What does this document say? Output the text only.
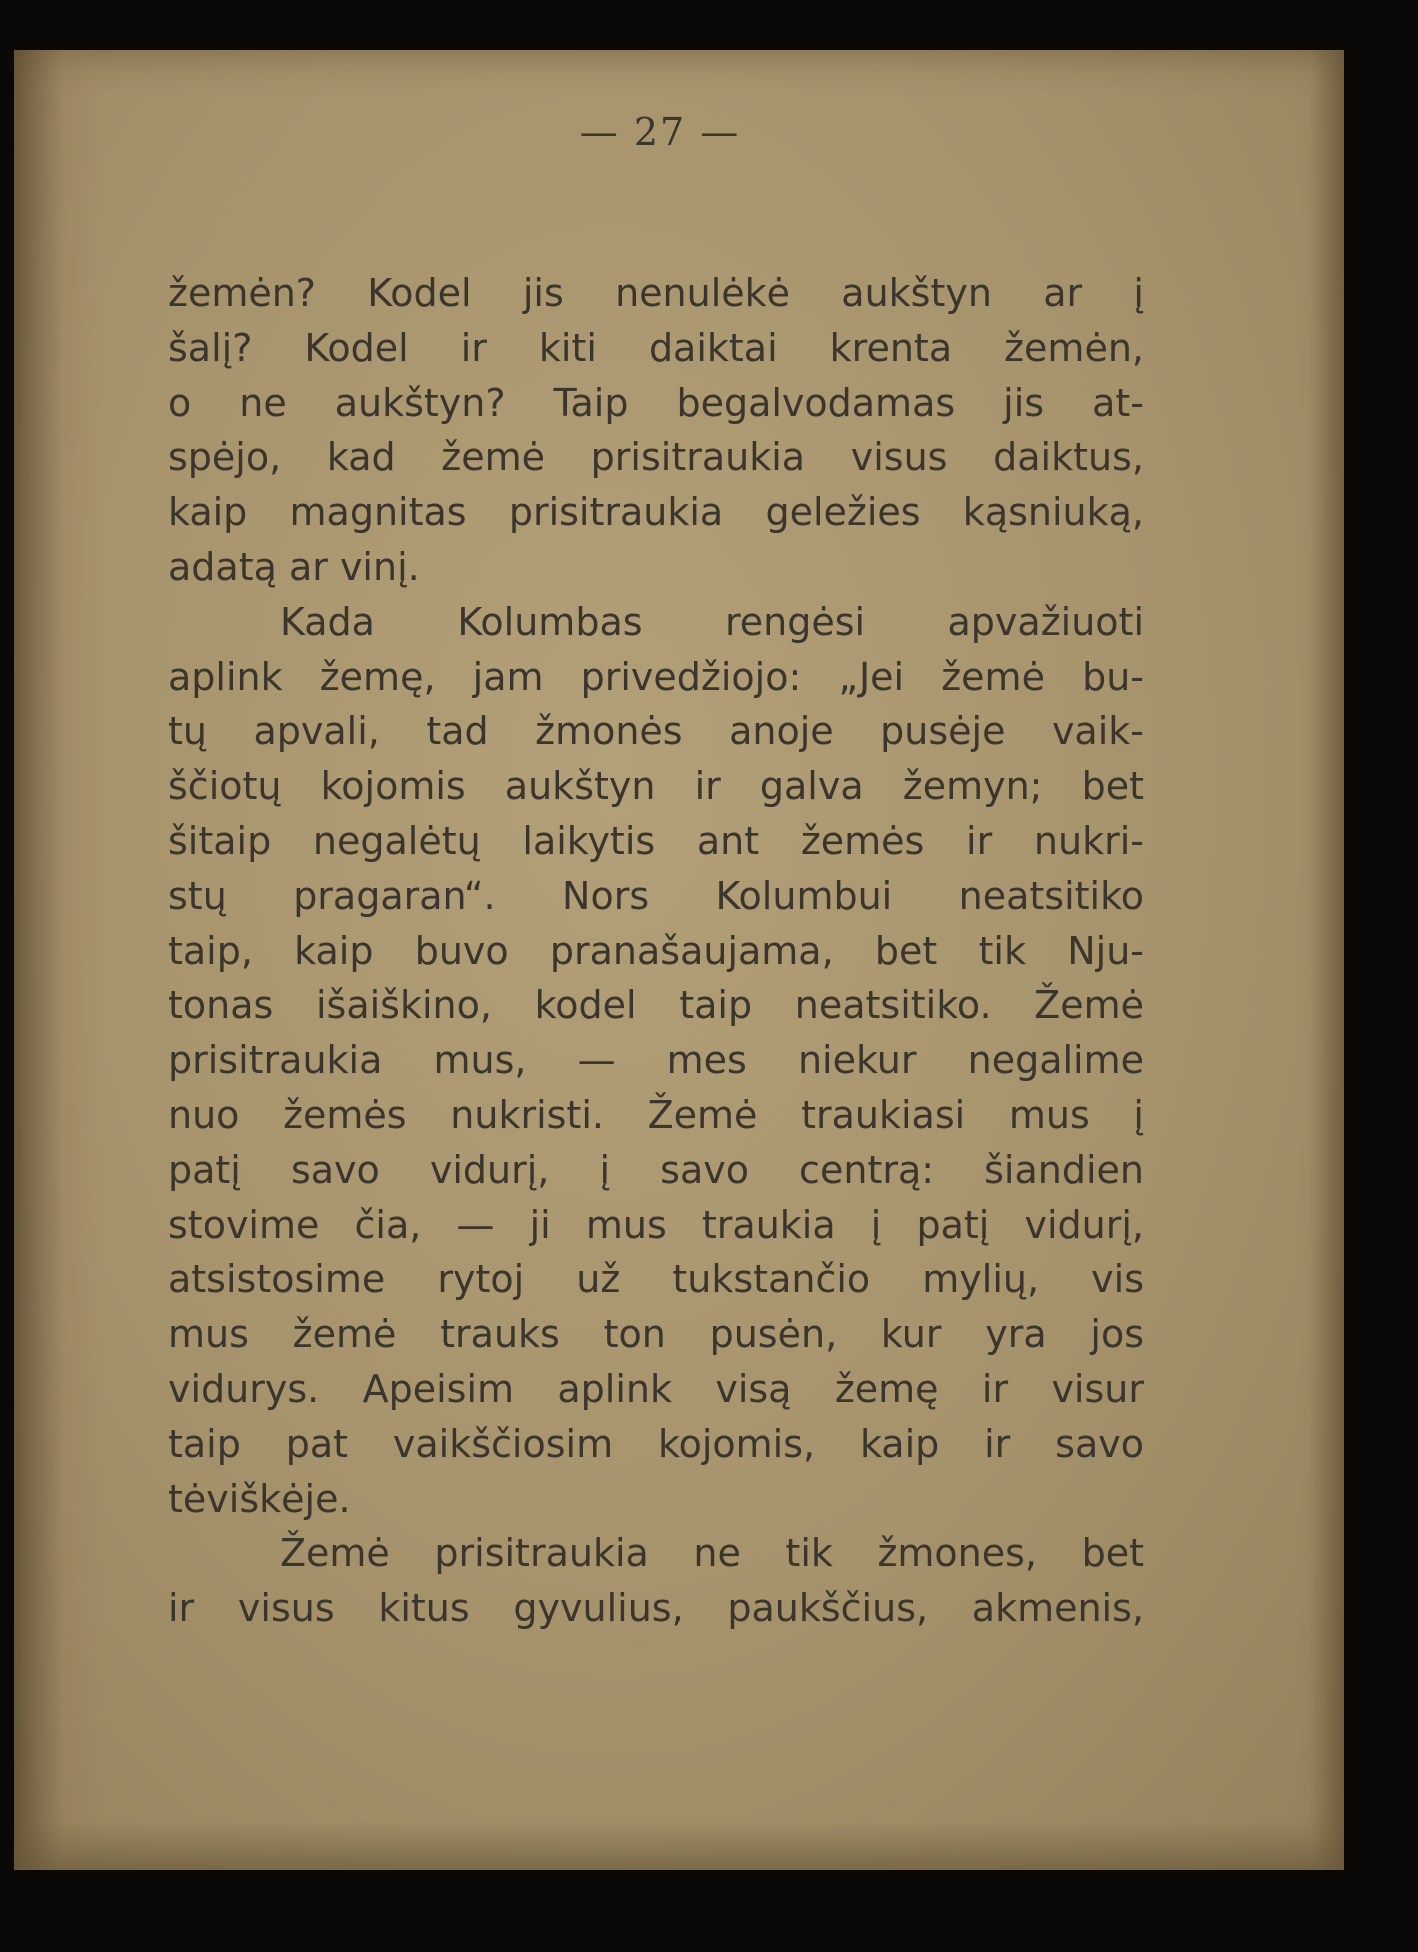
— 27 —
žemėn? Kodel jis nenulėkė aukštyn ar į
šalį? Kodel ir kiti daiktai krenta žemėn,
o ne aukštyn? Taip begalvodamas jis at-
spėjo, kad žemė prisitraukia visus daiktus,
kaip magnitas prisitraukia geležies kąsniuką,
adatą ar vinį.
Kada Kolumbas rengėsi apvažiuoti
aplink žemę, jam privedžiojo: „Jei žemė bu-
tų apvali, tad žmonės anoje pusėje vaik-
ščiotų kojomis aukštyn ir galva žemyn; bet
šitaip negalėtų laikytis ant žemės ir nukri-
stų pragaran“. Nors Kolumbui neatsitiko
taip, kaip buvo pranašaujama, bet tik Nju-
tonas išaiškino, kodel taip neatsitiko. Žemė
prisitraukia mus, — mes niekur negalime
nuo žemės nukristi. Žemė traukiasi mus į
patį savo vidurį, į savo centrą: šiandien
stovime čia, — ji mus traukia į patį vidurį,
atsistosime rytoj už tukstančio mylių, vis
mus žemė trauks ton pusėn, kur yra jos
vidurys. Apeisim aplink visą žemę ir visur
taip pat vaikščiosim kojomis, kaip ir savo
tėviškėje.
Žemė prisitraukia ne tik žmones, bet
ir visus kitus gyvulius, paukščius, akmenis,
